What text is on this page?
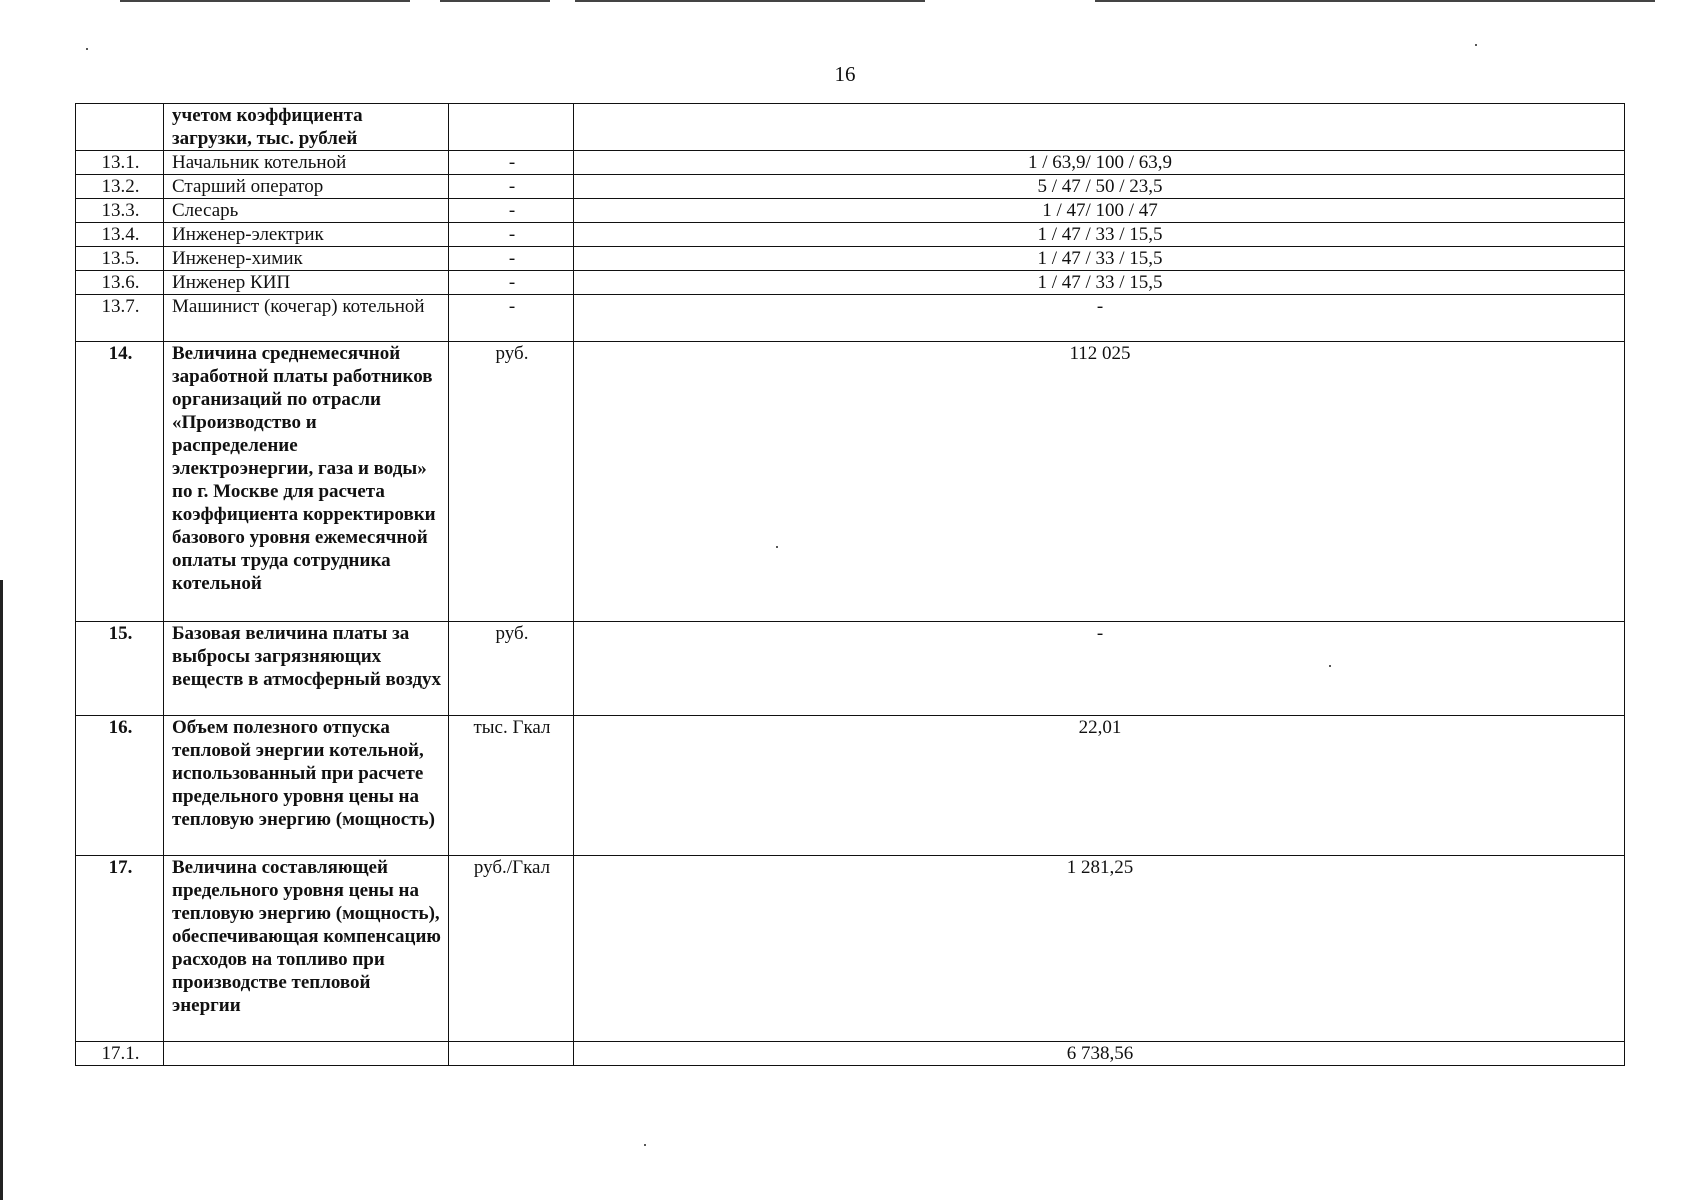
16
	учетом коэффициента загрузки, тыс. рублей		
13.1.	Начальник котельной	-	1 / 63,9/ 100 / 63,9
13.2.	Старший оператор	-	5 / 47 / 50 / 23,5
13.3.	Слесарь	-	1 / 47/ 100 / 47
13.4.	Инженер-электрик	-	1 / 47 / 33 / 15,5
13.5.	Инженер-химик	-	1 / 47 / 33 / 15,5
13.6.	Инженер КИП	-	1 / 47 / 33 / 15,5
13.7.	Машинист (кочегар) котельной	-	-
14.	Величина среднемесячной заработной платы работников организаций по отрасли «Производство и распределение электроэнергии, газа и воды» по г. Москве для расчета коэффициента корректировки базового уровня ежемесячной оплаты труда сотрудника котельной	руб.	112 025
15.	Базовая величина платы за выбросы загрязняющих веществ в атмосферный воздух	руб.	-
16.	Объем полезного отпуска тепловой энергии котельной, использованный при расчете предельного уровня цены на тепловую энергию (мощность)	тыс. Гкал	22,01
17.	Величина составляющей предельного уровня цены на тепловую энергию (мощность), обеспечивающая компенсацию расходов на топливо при производстве тепловой энергии	руб./Гкал	1 281,25
17.1.			6 738,56
